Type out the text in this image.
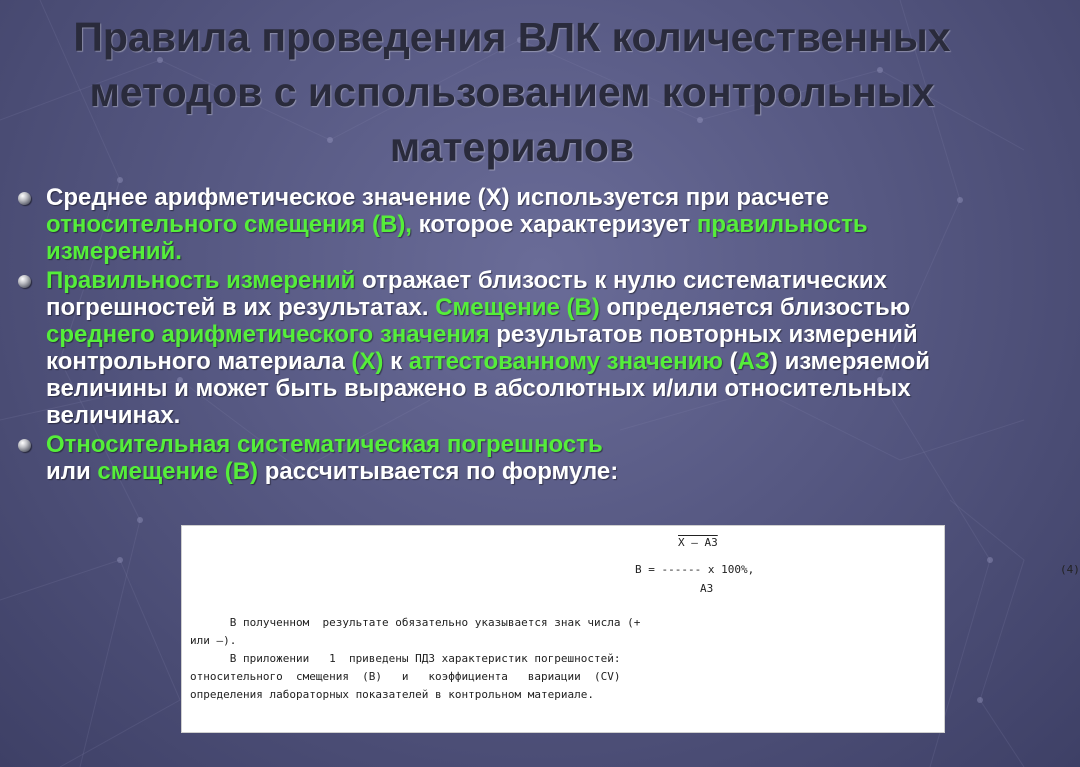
Правила проведения ВЛК количественных методов с использованием контрольных материалов
Среднее арифметическое значение (X) используется при расчете относительного смещения (B), которое характеризует правильность измерений.
Правильность измерений отражает близость к нулю систематических погрешностей в их результатах. Смещение (B) определяется близостью среднего арифметического значения результатов повторных измерений контрольного материала (X) к аттестованному значению (АЗ) измеряемой величины и может быть выражено в абсолютных и/или относительных величинах.
Относительная систематическая погрешность
или смещение (B) рассчитывается по формуле:
X – АЗ
В = ------ x 100%,
АЗ
(4)

В полученном  результате обязательно указывается знак числа (+

или –).

В приложении   1  приведены ПДЗ характеристик погрешностей:

относительного  смещения  (В)   и   коэффициента   вариации  (CV)

определения лабораторных показателей в контрольном материале.
